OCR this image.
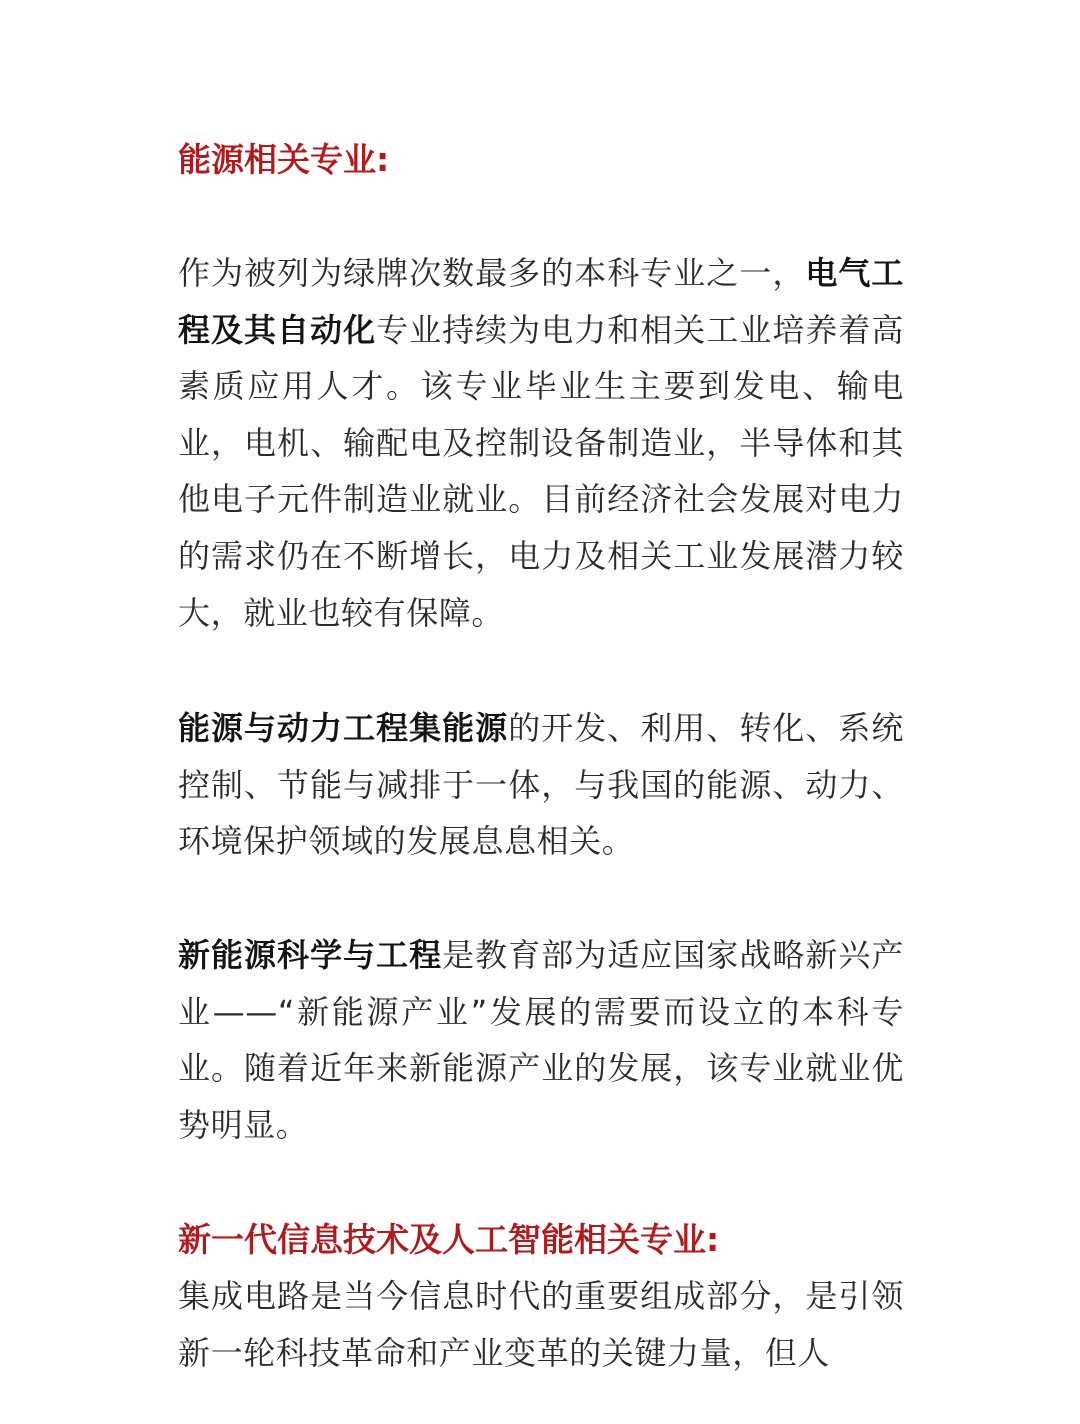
能源相关专业:

作为被列为绿牌次数最多的本科专业之一，电气工程及其自动化专业持续为电力和相关工业培养着高素质应用人才。该专业毕业生主要到发电、输电业，电机、输配电及控制设备制造业，半导体和其他电子元件制造业就业。目前经济社会发展对电力的需求仍在不断增长，电力及相关工业发展潜力较大，就业也较有保障。

能源与动力工程集能源的开发、利用、转化、系统控制、节能与减排于一体，与我国的能源、动力、环境保护领域的发展息息相关。

新能源科学与工程是教育部为适应国家战略新兴产业——“新能源产业”发展的需要而设立的本科专业。随着近年来新能源产业的发展，该专业就业优势明显。

新一代信息技术及人工智能相关专业:

集成电路是当今信息时代的重要组成部分，是引领新一轮科技革命和产业变革的关键力量，但人
